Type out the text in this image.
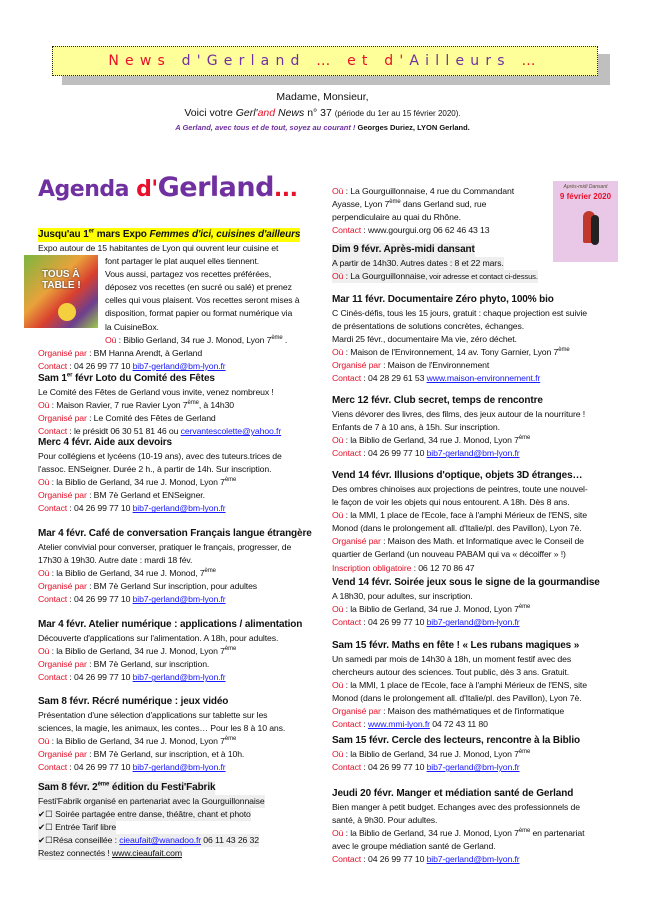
News d'Gerland … et d'Ailleurs …
Madame, Monsieur,
Voici votre Gerl'and News n° 37 (période du 1er au 15 février 2020).
A Gerland, avec tous et de tout, soyez au courant ! Georges Duriez, LYON Gerland.
Agenda d'Gerland...
TOUS À TABLE !
Après-midi Dansant
9 février 2020
Jusqu'au 1er mars Expo Femmes d'ici, cuisines d'ailleurs
Expo autour de 15 habitantes de Lyon qui ouvrent leur cuisine et
font partager le plat auquel elles tiennent.
Vous aussi, partagez vos recettes préférées,
déposez vos recettes (en sucré ou salé) et prenez
celles qui vous plaisent. Vos recettes seront mises à
disposition, format papier ou format numérique via
la CuisineBox.
Où : Biblio Gerland, 34 rue J. Monod, Lyon 7ème .
Organisé par : BM Hanna Arendt, à Gerland
Contact : 04 26 99 77 10 bib7-gerland@bm-lyon.fr
Sam 1er févr Loto du Comité des Fêtes
Le Comité des Fêtes de Gerland vous invite, venez nombreux !
Où : Maison Ravier, 7 rue Ravier Lyon 7ème, à 14h30
Organisé par : Le Comité des Fêtes de Gerland
Contact : le présidt 06 30 51 81 46 ou cervantescolette@yahoo.fr
Merc 4 févr. Aide aux devoirs
Pour collégiens et lycéens (10-19 ans), avec des tuteurs.trices de
l'assoc. ENSeigner. Durée 2 h., à partir de 14h. Sur inscription.
Où : la Biblio de Gerland, 34 rue J. Monod, Lyon 7ème
Organisé par : BM 7è Gerland et ENSeigner.
Contact : 04 26 99 77 10 bib7-gerland@bm-lyon.fr
Mar 4 févr. Café de conversation Français langue étrangère
Atelier convivial pour converser, pratiquer le français, progresser, de
17h30 à 19h30. Autre date : mardi 18 fév.
Où : la Biblio de Gerland, 34 rue J. Monod, 7ème
Organisé par : BM 7è Gerland Sur inscription, pour adultes
Contact : 04 26 99 77 10 bib7-gerland@bm-lyon.fr
Mar 4 févr. Atelier numérique : applications / alimentation
Découverte d'applications sur l'alimentation. A 18h, pour adultes.
Où : la Biblio de Gerland, 34 rue J. Monod, Lyon 7ème
Organisé par : BM 7è Gerland, sur inscription.
Contact : 04 26 99 77 10 bib7-gerland@bm-lyon.fr
Sam 8 févr. Récré numérique : jeux vidéo
Présentation d'une sélection d'applications sur tablette sur les
sciences, la magie, les animaux, les contes… Pour les 8 à 10 ans.
Où : la Biblio de Gerland, 34 rue J. Monod, Lyon 7ème
Organisé par : BM 7è Gerland, sur inscription, et à 10h.
Contact : 04 26 99 77 10 bib7-gerland@bm-lyon.fr
Sam 8 févr. 2ème édition du Festi'Fabrik
Festi'Fabrik organisé en partenariat avec la Gourguillonnaise
✔☐ Soirée partagée entre danse, théâtre, chant et photo
✔☐ Entrée Tarif libre
✔☐Résa conseillée : cieaufait@wanadoo.fr 06 11 43 26 32
Restez connectés ! www.cieaufait.com
Où : La Gourguillonnaise, 4 rue du Commandant
Ayasse, Lyon 7ème dans Gerland sud, rue
perpendiculaire au quai du Rhône.
Contact : www.gourgui.org 06 62 46 43 13
Dim 9 févr. Après-midi dansant
A partir de 14h30. Autres dates : 8 et 22 mars.
Où : La Gourguillonnaise, voir adresse et contact ci-dessus.
Mar 11 févr. Documentaire Zéro phyto, 100% bio
C Cinés-défis, tous les 15 jours, gratuit : chaque projection est suivie
de présentations de solutions concrètes, échanges.
Mardi 25 févr., documentaire Ma vie, zéro déchet.
Où : Maison de l'Environnement, 14 av. Tony Garnier, Lyon 7ème
Organisé par : Maison de l'Environnement
Contact : 04 28 29 61 53 www.maison-environnement.fr
Merc 12 févr. Club secret, temps de rencontre
Viens dévorer des livres, des films, des jeux autour de la nourriture !
Enfants de 7 à 10 ans, à 15h. Sur inscription.
Où : la Biblio de Gerland, 34 rue J. Monod, Lyon 7ème
Contact : 04 26 99 77 10 bib7-gerland@bm-lyon.fr
Vend 14 févr. Illusions d'optique, objets 3D étranges…
Des ombres chinoises aux projections de peintres, toute une nouvel-
le façon de voir les objets qui nous entourent. A 18h. Dès 8 ans.
Où : la MMI, 1 place de l'Ecole, face à l'amphi Mérieux de l'ENS, site
Monod (dans le prolongement all. d'Italie/pl. des Pavillon), Lyon 7è.
Organisé par : Maison des Math. et Informatique avec le Conseil de
quartier de Gerland (un nouveau PABAM qui va « décoiffer » !)
Inscription obligatoire : 06 12 70 86 47
Vend 14 févr. Soirée jeux sous le signe de la gourmandise
A 18h30, pour adultes, sur inscription.
Où : la Biblio de Gerland, 34 rue J. Monod, Lyon 7ème
Contact : 04 26 99 77 10 bib7-gerland@bm-lyon.fr
Sam 15 févr. Maths en fête ! « Les rubans magiques »
Un samedi par mois de 14h30 à 18h, un moment festif avec des
chercheurs autour des sciences. Tout public, dès 3 ans. Gratuit.
Où : la MMI, 1 place de l'Ecole, face à l'amphi Mérieux de l'ENS, site
Monod (dans le prolongement all. d'Italie/pl. des Pavillon), Lyon 7è.
Organisé par : Maison des mathématiques et de l'informatique
Contact : www.mmi-lyon.fr 04 72 43 11 80
Sam 15 févr. Cercle des lecteurs, rencontre à la Biblio
Où : la Biblio de Gerland, 34 rue J. Monod, Lyon 7ème
Contact : 04 26 99 77 10 bib7-gerland@bm-lyon.fr
Jeudi 20 févr. Manger et médiation santé de Gerland
Bien manger à petit budget. Echanges avec des professionnels de
santé, à 9h30. Pour adultes.
Où : la Biblio de Gerland, 34 rue J. Monod, Lyon 7ème en partenariat
avec le groupe médiation santé de Gerland.
Contact : 04 26 99 77 10 bib7-gerland@bm-lyon.fr
